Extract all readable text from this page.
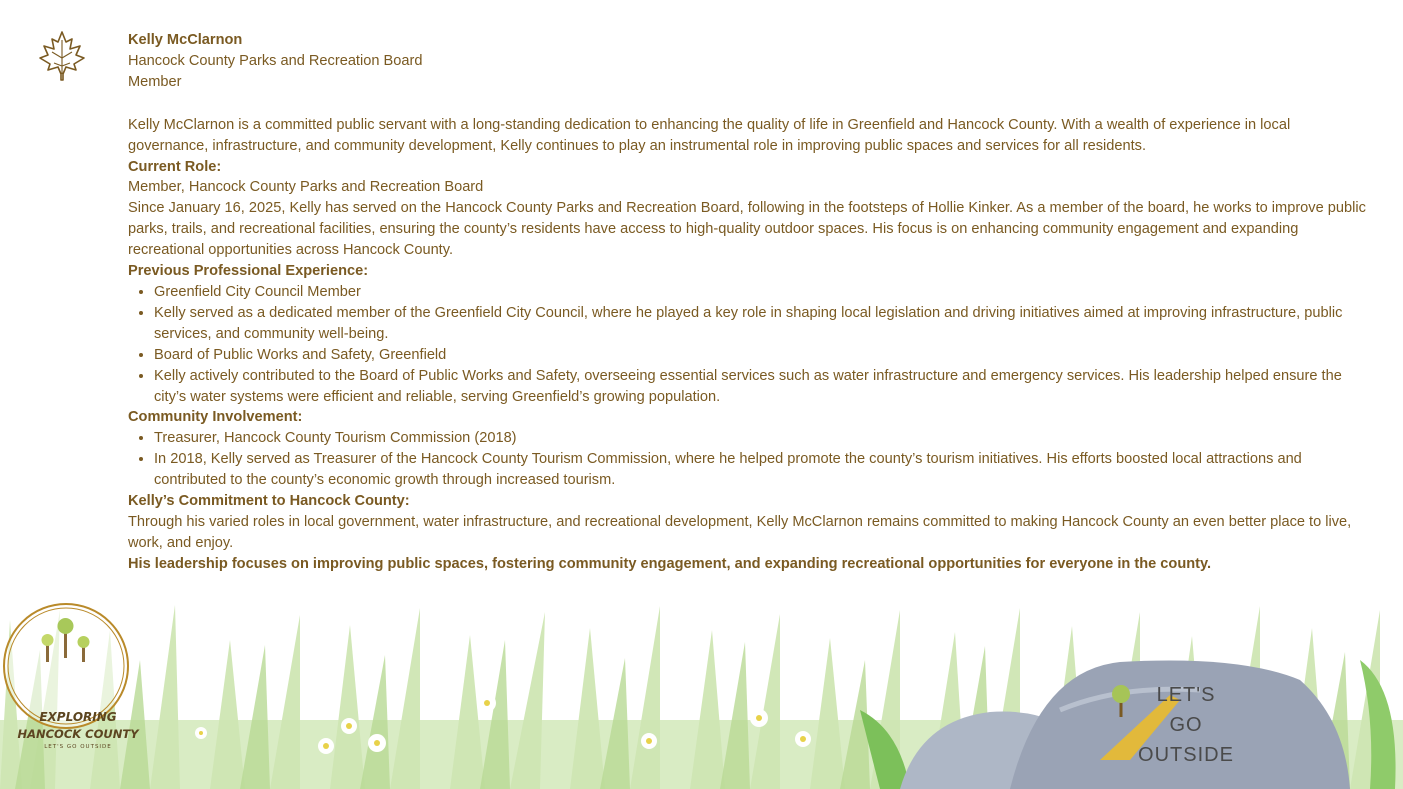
Kelly McClarnon

Hancock County Parks and Recreation Board

Member

Kelly McClarnon is a committed public servant with a long-standing dedication to enhancing the quality of life in Greenfield and Hancock County. With a wealth of experience in local governance, infrastructure, and community development, Kelly continues to play an instrumental role in improving public spaces and services for all residents.

Current Role:

Member, Hancock County Parks and Recreation Board

Since January 16, 2025, Kelly has served on the Hancock County Parks and Recreation Board, following in the footsteps of Hollie Kinker. As a member of the board, he works to improve public parks, trails, and recreational facilities, ensuring the county’s residents have access to high-quality outdoor spaces. His focus is on enhancing community engagement and expanding recreational opportunities across Hancock County.

Previous Professional Experience:

• Greenfield City Council Member
• Kelly served as a dedicated member of the Greenfield City Council, where he played a key role in shaping local legislation and driving initiatives aimed at improving infrastructure, public services, and community well-being.
• Board of Public Works and Safety, Greenfield
• Kelly actively contributed to the Board of Public Works and Safety, overseeing essential services such as water infrastructure and emergency services. His leadership helped ensure the city’s water systems were efficient and reliable, serving Greenfield’s growing population.

Community Involvement:

• Treasurer, Hancock County Tourism Commission (2018)
• In 2018, Kelly served as Treasurer of the Hancock County Tourism Commission, where he helped promote the county’s tourism initiatives. His efforts boosted local attractions and contributed to the county’s economic growth through increased tourism.

Kelly’s Commitment to Hancock County:

Through his varied roles in local government, water infrastructure, and recreational development, Kelly McClarnon remains committed to making Hancock County an even better place to live, work, and enjoy.

His leadership focuses on improving public spaces, fostering community engagement, and expanding recreational opportunities for everyone in the county.

EXPLORING
HANCOCK COUNTY
LET'S GO OUTSIDE
LET'S
GO
OUTSIDE
